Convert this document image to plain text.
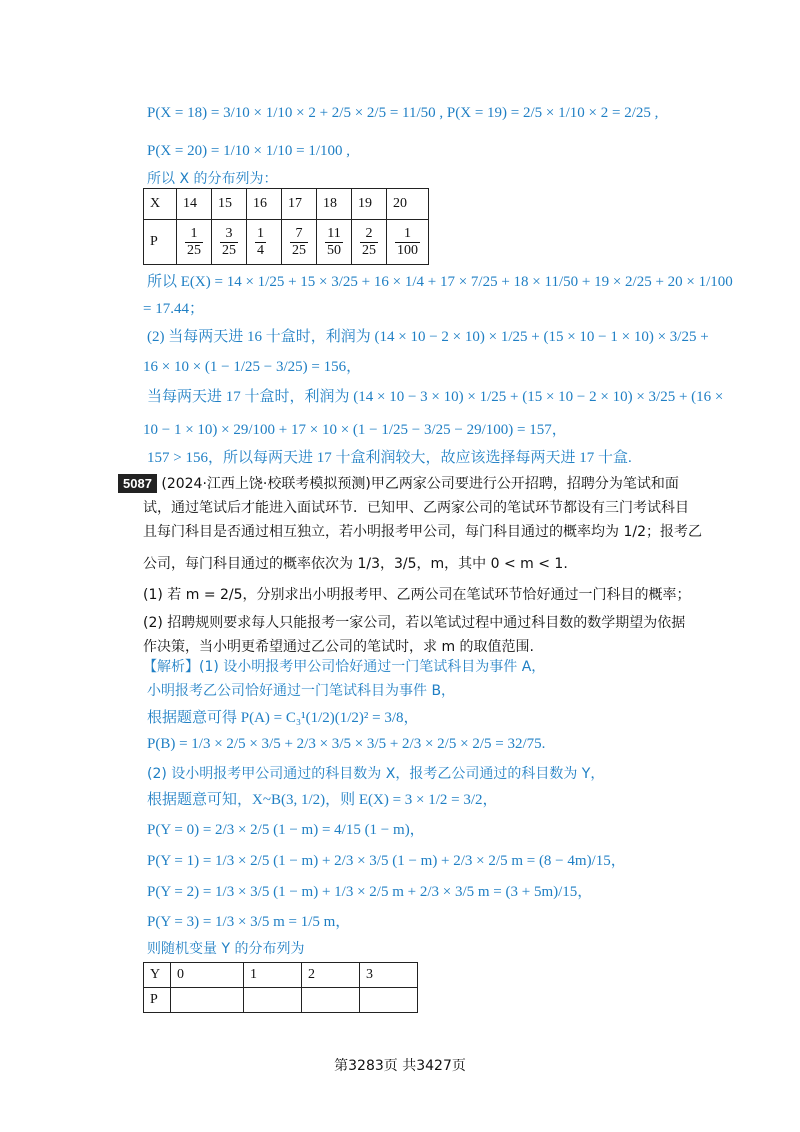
P(X = 18) = 3/10 × 1/10 × 2 + 2/5 × 2/5 = 11/50 , P(X = 19) = 2/5 × 1/10 × 2 = 2/25 ,
P(X = 20) = 1/10 × 1/10 = 1/100 ,
所以 X 的分布列为：
X	14	15	16	17	18	19	20
P	$\frac{1}{25}$	$\frac{3}{25}$	$\frac{1}{4}$	$\frac{7}{25}$	$\frac{11}{50}$	$\frac{2}{25}$	$\frac{1}{100}$
所以 E(X) = 14 × 1/25 + 15 × 3/25 + 16 × 1/4 + 17 × 7/25 + 18 × 11/50 + 19 × 2/25 + 20 × 1/100
= 17.44；
(2) 当每两天进 16 十盒时，利润为 (14 × 10 − 2 × 10) × 1/25 + (15 × 10 − 1 × 10) × 3/25 +
16 × 10 × (1 − 1/25 − 3/25) = 156，
当每两天进 17 十盒时，利润为 (14 × 10 − 3 × 10) × 1/25 + (15 × 10 − 2 × 10) × 3/25 + (16 ×
10 − 1 × 10) × 29/100 + 17 × 10 × (1 − 1/25 − 3/25 − 29/100) = 157，
157 > 156，所以每两天进 17 十盒利润较大，故应该选择每两天进 17 十盒.
5087 (2024·江西上饶·校联考模拟预测)甲乙两家公司要进行公开招聘，招聘分为笔试和面
试，通过笔试后才能进入面试环节．已知甲、乙两家公司的笔试环节都设有三门考试科目
且每门科目是否通过相互独立，若小明报考甲公司，每门科目通过的概率均为 1/2；报考乙
公司，每门科目通过的概率依次为 1/3，3/5，m，其中 0 < m < 1.
(1) 若 m = 2/5，分别求出小明报考甲、乙两公司在笔试环节恰好通过一门科目的概率；
(2) 招聘规则要求每人只能报考一家公司，若以笔试过程中通过科目数的数学期望为依据
作决策，当小明更希望通过乙公司的笔试时，求 m 的取值范围.
【解析】(1) 设小明报考甲公司恰好通过一门笔试科目为事件 A，
小明报考乙公司恰好通过一门笔试科目为事件 B，
根据题意可得 P(A) = C₃¹(1/2)(1/2)² = 3/8，
P(B) = 1/3 × 2/5 × 3/5 + 2/3 × 3/5 × 3/5 + 2/3 × 2/5 × 2/5 = 32/75.
(2) 设小明报考甲公司通过的科目数为 X，报考乙公司通过的科目数为 Y，
根据题意可知，X~B(3, 1/2)，则 E(X) = 3 × 1/2 = 3/2，
P(Y = 0) = 2/3 × 2/5 (1 − m) = 4/15 (1 − m)，
P(Y = 1) = 1/3 × 2/5 (1 − m) + 2/3 × 3/5 (1 − m) + 2/3 × 2/5 m = (8 − 4m)/15，
P(Y = 2) = 1/3 × 3/5 (1 − m) + 1/3 × 2/5 m + 2/3 × 3/5 m = (3 + 5m)/15，
P(Y = 3) = 1/3 × 3/5 m = 1/5 m，
则随机变量 Y 的分布列为
Y	0	1	2	3
P				
第3283页 共3427页
